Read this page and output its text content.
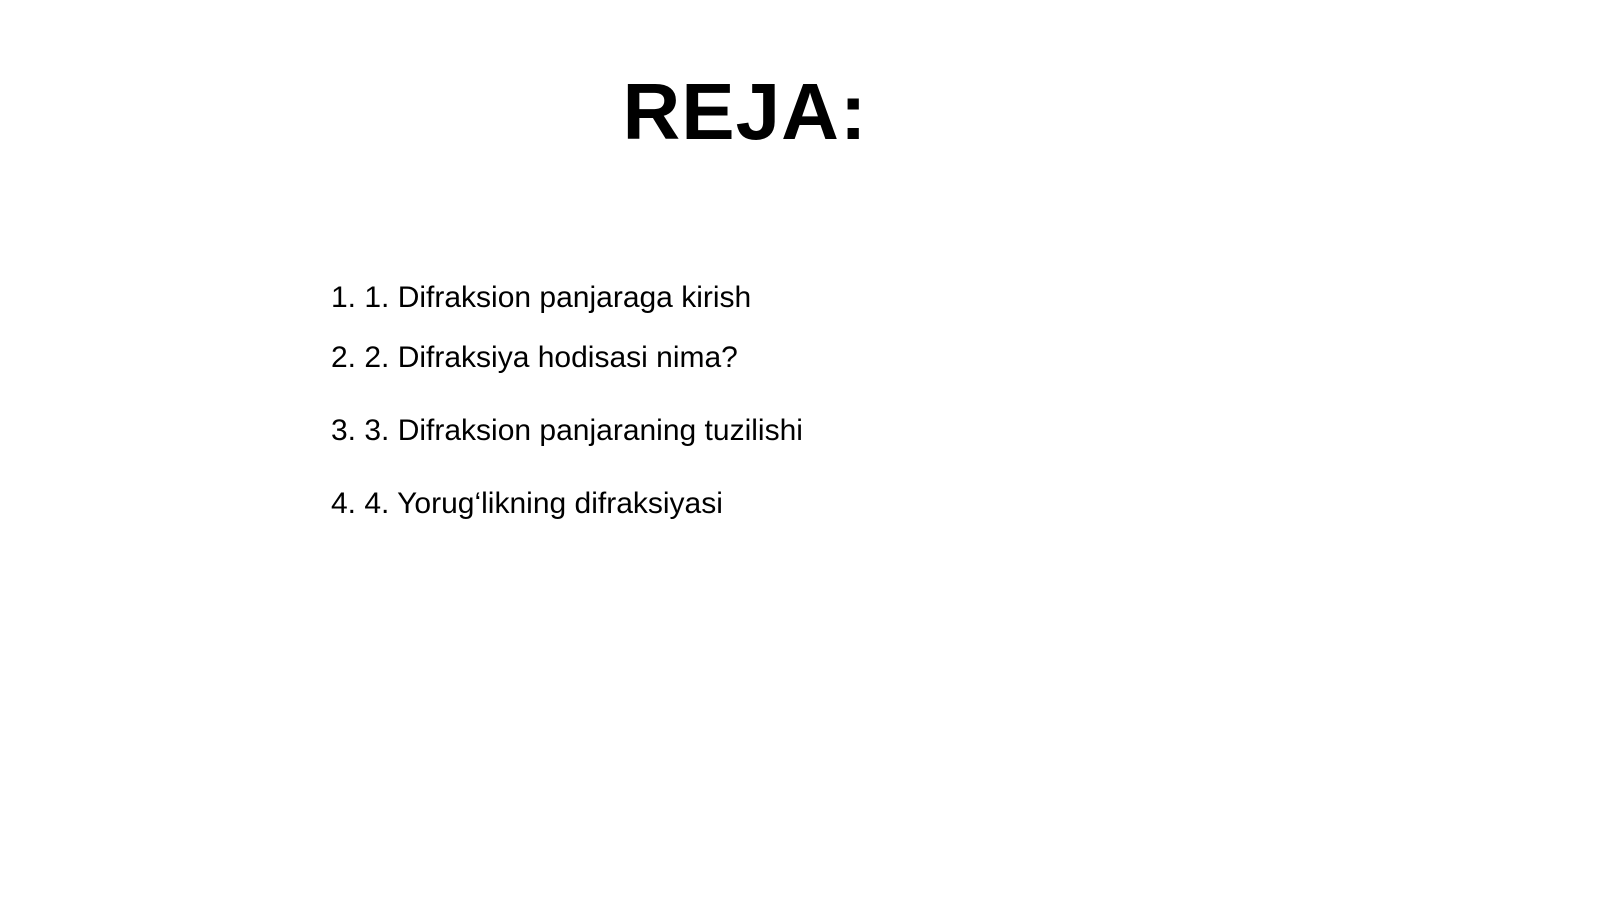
REJA:
1. 1. Difraksion panjaraga kirish
2. 2. Difraksiya hodisasi nima?
3. 3. Difraksion panjaraning tuzilishi
4. 4. Yorug‘likning difraksiyasi
